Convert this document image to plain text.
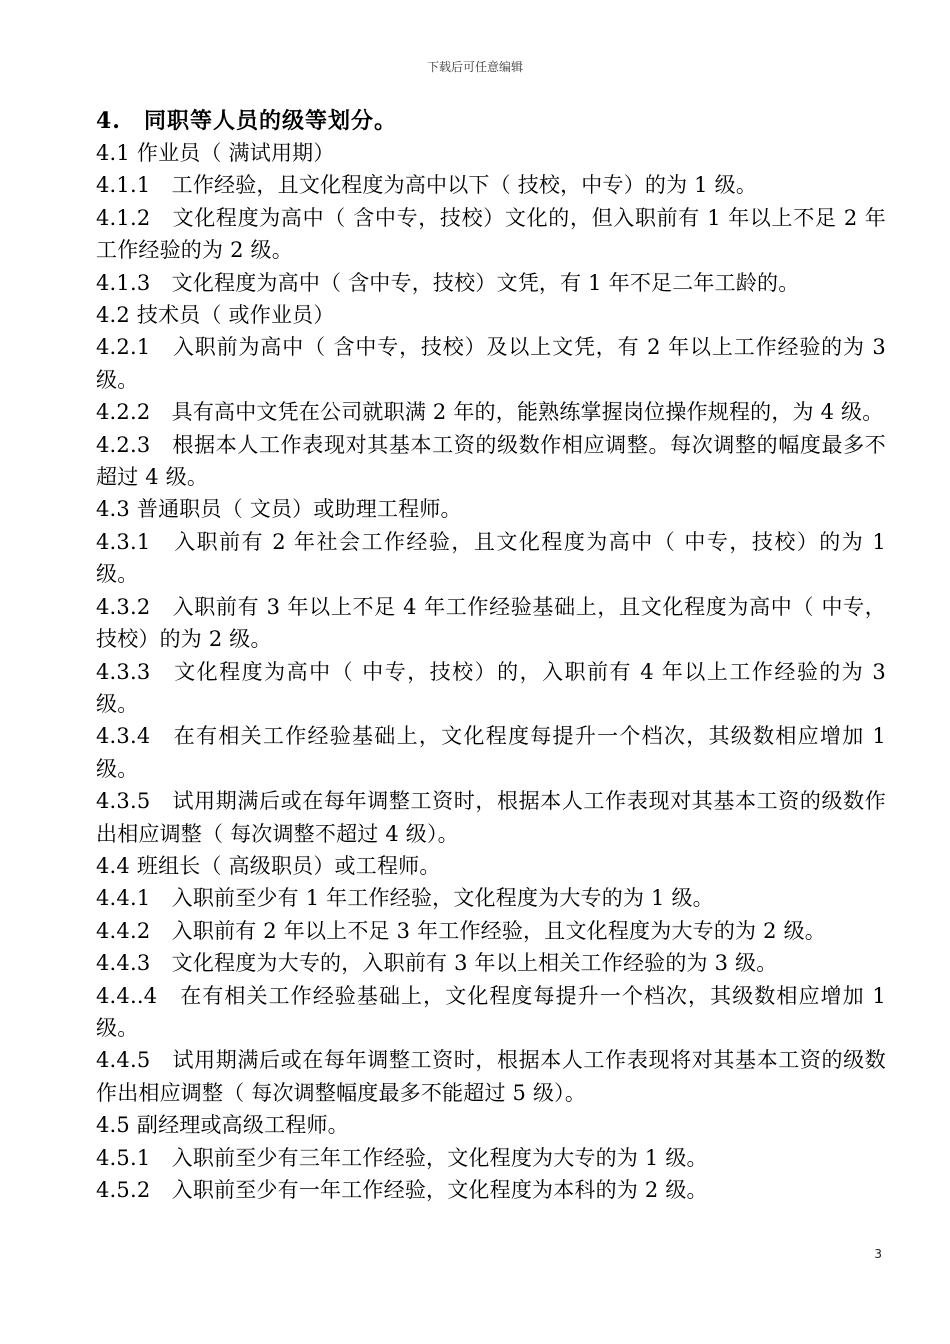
下载后可任意编辑
4.　同职等人员的级等划分。
4.1 作业员（ 满试用期）
4.1.1　工作经验，且文化程度为高中以下（ 技校，中专）的为 1 级。
4.1.2　文化程度为高中（ 含中专，技校）文化的，但入职前有 1 年以上不足 2 年工作经验的为 2 级。
4.1.3　文化程度为高中（ 含中专，技校）文凭，有 1 年不足二年工龄的。
4.2 技术员（ 或作业员）
4.2.1　入职前为高中（ 含中专，技校）及以上文凭，有 2 年以上工作经验的为 3 级。
4.2.2　具有高中文凭在公司就职满 2 年的，能熟练掌握岗位操作规程的，为 4 级。
4.2.3　根据本人工作表现对其基本工资的级数作相应调整。每次调整的幅度最多不超过 4 级。
4.3 普通职员（ 文员）或助理工程师。
4.3.1　入职前有 2 年社会工作经验，且文化程度为高中（ 中专，技校）的为 1 级。
4.3.2　入职前有 3 年以上不足 4 年工作经验基础上，且文化程度为高中（ 中专，技校）的为 2 级。
4.3.3　文化程度为高中（ 中专，技校）的，入职前有 4 年以上工作经验的为 3 级。
4.3.4　在有相关工作经验基础上，文化程度每提升一个档次，其级数相应增加 1 级。
4.3.5　试用期满后或在每年调整工资时，根据本人工作表现对其基本工资的级数作出相应调整（ 每次调整不超过 4 级）。
4.4 班组长（ 高级职员）或工程师。
4.4.1　入职前至少有 1 年工作经验，文化程度为大专的为 1 级。
4.4.2　入职前有 2 年以上不足 3 年工作经验，且文化程度为大专的为 2 级。
4.4.3　文化程度为大专的，入职前有 3 年以上相关工作经验的为 3 级。
4.4..4　在有相关工作经验基础上，文化程度每提升一个档次，其级数相应增加 1 级。
4.4.5　试用期满后或在每年调整工资时，根据本人工作表现将对其基本工资的级数作出相应调整（ 每次调整幅度最多不能超过 5 级）。
4.5 副经理或高级工程师。
4.5.1　入职前至少有三年工作经验，文化程度为大专的为 1 级。
4.5.2　入职前至少有一年工作经验，文化程度为本科的为 2 级。
3
